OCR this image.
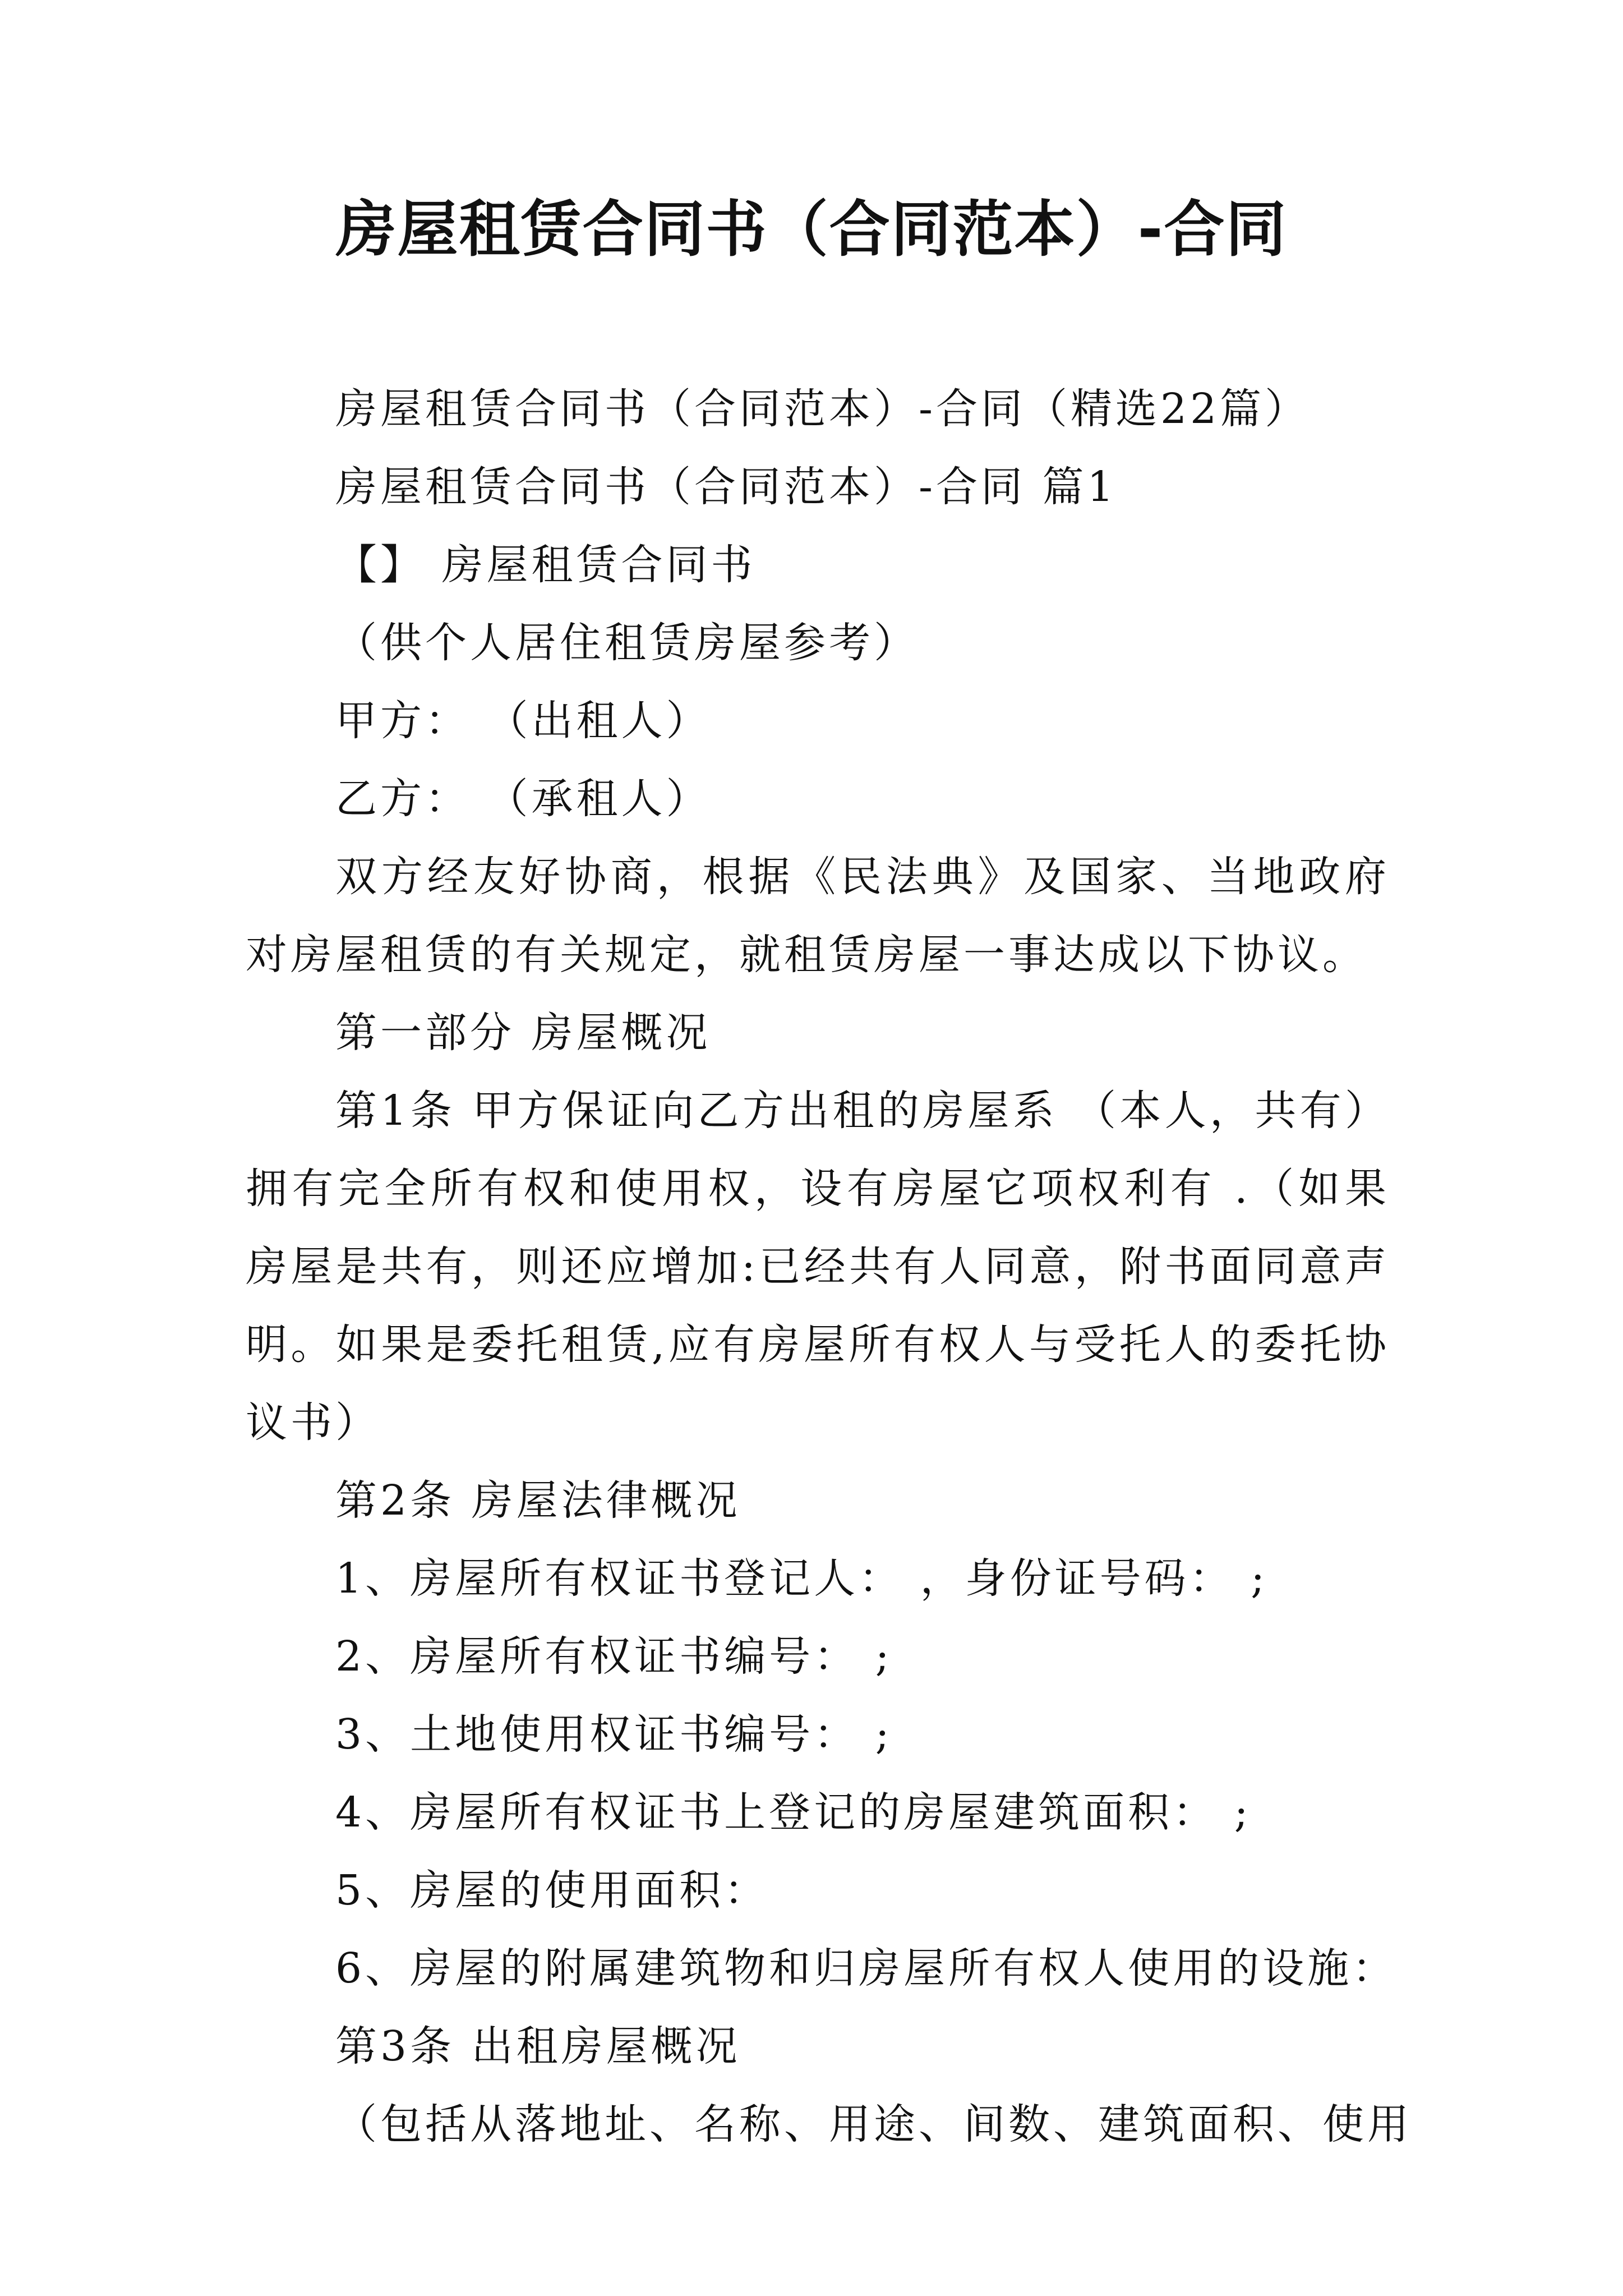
房屋租赁合同书（合同范本）-合同

房屋租赁合同书（合同范本）-合同（精选22篇）

房屋租赁合同书（合同范本）-合同 篇1

【】 房屋租赁合同书

（供个人居住租赁房屋参考）

甲方： （出租人）

乙方： （承租人）

双方经友好协商，根据《民法典》及国家、当地政府对房屋租赁的有关规定，就租赁房屋一事达成以下协议。

第一部分 房屋概况

第1条 甲方保证向乙方出租的房屋系 （本人，共有）拥有完全所有权和使用权，设有房屋它项权利有 .（如果房屋是共有，则还应增加:已经共有人同意，附书面同意声明。如果是委托租赁,应有房屋所有权人与受托人的委托协议书）

第2条 房屋法律概况

1、房屋所有权证书登记人： ，身份证号码： ;

2、房屋所有权证书编号： ;

3、土地使用权证书编号： ;

4、房屋所有权证书上登记的房屋建筑面积： ;

5、房屋的使用面积：

6、房屋的附属建筑物和归房屋所有权人使用的设施：

第3条 出租房屋概况

（包括从落地址、名称、用途、间数、建筑面积、使用
